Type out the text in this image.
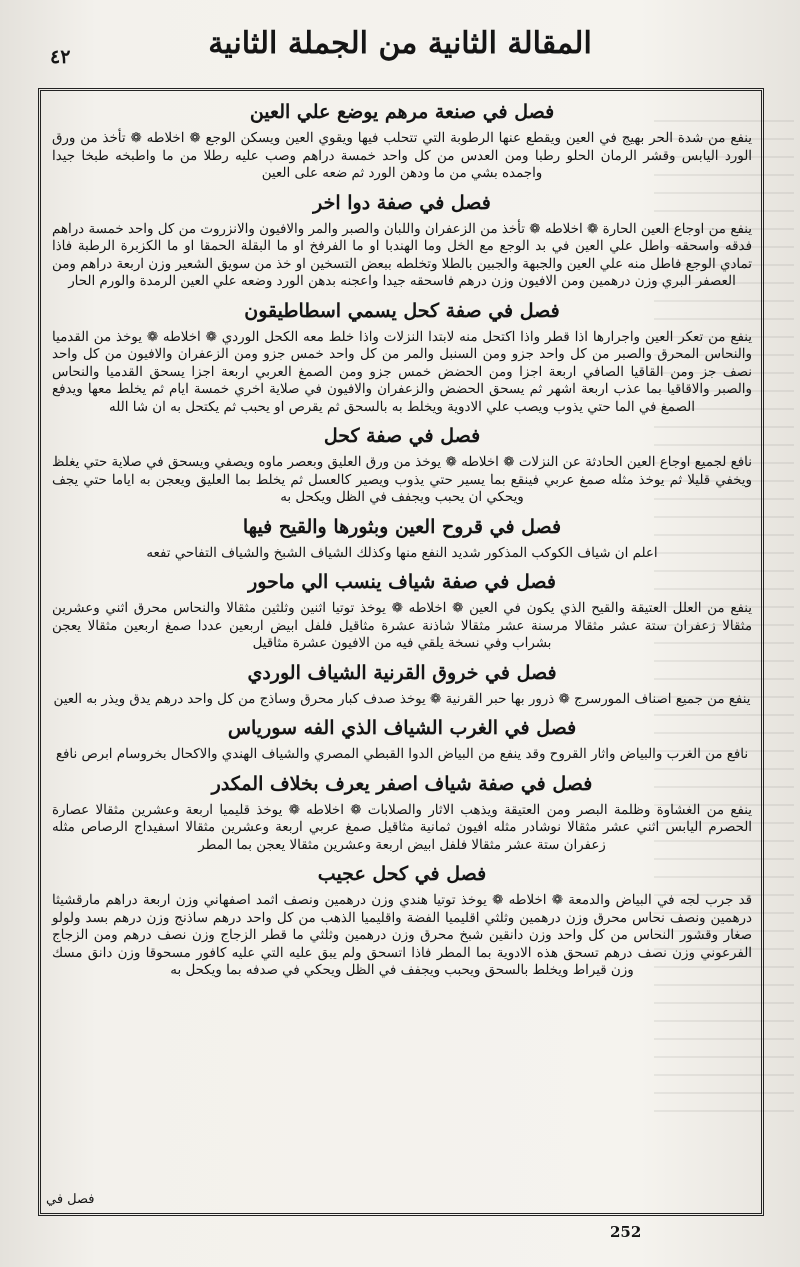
المقالة الثانية من الجملة الثانية
٤٢
فصل في صنعة مرهم يوضع علي العين

ينفع من شدة الحر بهيج في العين ويقطع عنها الرطوبة التي تتحلب فيها ويقوي العين ويسكن الوجع ❁ اخلاطه ❁ تأخذ من ورق الورد اليابس وقشر الرمان الحلو رطبا ومن العدس من كل واحد خمسة دراهم وصب عليه رطلا من ما واطبخه طبخا جيدا واجمده بشي من ما ودهن الورد ثم ضعه على العين

فصل في صفة دوا اخر

ينفع من اوجاع العين الحارة ❁ اخلاطه ❁ تأخذ من الزعفران واللبان والصبر والمر والافيون والانزروت من كل واحد خمسة دراهم فدقه واسحقه واطل علي العين في بد الوجع مع الخل وما الهندبا او ما الفرفخ او ما البقلة الحمقا او ما الكزبرة الرطبة فاذا تمادي الوجع فاطل منه علي العين والجبهة والجبين بالطلا وتخلطه ببعض التسخين او خذ من سويق الشعير وزن اربعة دراهم ومن العصفر البري وزن درهمين ومن الافيون وزن درهم فاسحقه جيدا واعجنه بدهن الورد وضعه علي العين الرمدة والورم الحار

فصل في صفة كحل يسمي اسطاطيقون

ينفع من تعكر العين واجرارها اذا قطر واذا اكتحل منه لابتدا النزلات واذا خلط معه الكحل الوردي ❁ اخلاطه ❁ يوخذ من القدميا والنحاس المحرق والصبر من كل واحد جزو ومن السنبل والمر من كل واحد خمس جزو ومن الزعفران والافيون من كل واحد نصف جز ومن القاقيا الصافي اربعة اجزا ومن الحضض خمس جزو ومن الصمغ العربي اربعة اجزا يسحق القدميا والنحاس والصبر والاقاقيا بما عذب اربعة اشهر ثم يسحق الحضض والزعفران والافيون في صلاية اخري خمسة ايام ثم يخلط معها ويدفع الصمغ في الما حتي يذوب ويصب علي الادوية ويخلط به بالسحق ثم يقرص او يحبب ثم يكتحل به ان شا الله

فصل في صفة كحل

نافع لجميع اوجاع العين الحادثة عن النزلات ❁ اخلاطه ❁ يوخذ من ورق العليق وبعصر ماوه ويصفي ويسحق في صلاية حتي يغلظ ويخفي قليلا ثم يوخذ مثله صمغ عربي فينقع بما يسير حتي يذوب ويصير كالعسل ثم يخلط بما العليق ويعجن به اياما حتي يجف ويحكي ان يحبب ويجفف في الظل ويكحل به

فصل في قروح العين وبثورها والقيح فيها

اعلم ان شياف الكوكب المذكور شديد النفع منها وكذلك الشياف الشبخ والشياف التفاحي تفعه

فصل في صفة شياف ينسب الي ماحور

ينفع من العلل العتيقة والقيح الذي يكون في العين ❁ اخلاطه ❁ يوخذ توتيا اثنين وثلثين مثقالا والنحاس محرق اثني وعشرين مثقالا زعفران ستة عشر مثقالا مرسنة عشر مثقالا شاذنة عشرة مثاقيل فلفل ابيض اربعين عددا صمغ اربعين مثقالا يعجن بشراب وفي نسخة يلقي فيه من الافيون عشرة مثاقيل

فصل في خروق القرنية الشياف الوردي

ينفع من جميع اصناف المورسرج ❁ ذرور بها حبر القرنية ❁ يوخذ صدف كبار محرق وساذج من كل واحد درهم يدق ويذر به العين

فصل في الغرب الشياف الذي الفه سورياس

نافع من الغرب والبياض واثار القروح وقد ينفع من البياض الدوا القبطي المصري والشياف الهندي والاكحال بخروسام ابرص نافع

فصل في صفة شياف اصفر يعرف بخلاف المكدر

ينفع من الغشاوة وظلمة البصر ومن العتيقة ويذهب الاثار والصلابات ❁ اخلاطه ❁ يوخذ قليميا اربعة وعشرين مثقالا عصارة الحصرم اليابس اثني عشر مثقالا نوشادر مثله افيون ثمانية مثاقيل صمغ عربي اربعة وعشرين مثقالا اسفيداج الرصاص مثله زعفران ستة عشر مثقالا فلفل ابيض اربعة وعشرين مثقالا يعجن بما المطر

فصل في كحل عجيب

قد جرب لجه في البياض والدمعة ❁ اخلاطه ❁ يوخذ توتيا هندي وزن درهمين ونصف اثمد اصفهاني وزن اربعة دراهم مارقشيثا درهمين ونصف نحاس محرق وزن درهمين وثلثي اقليميا الفضة واقليميا الذهب من كل واحد درهم ساذنج وزن درهم بسد ولولو صغار وقشور النحاس من كل واحد وزن دانقين شبخ محرق وزن درهمين وثلثي ما قطر الزجاج وزن نصف درهم ومن الزجاج الفرعوني وزن نصف درهم تسحق هذه الادوية بما المطر فاذا اتسحق ولم يبق عليه التي عليه كافور مسحوقا وزن دانق مسك وزن قيراط ويخلط بالسحق ويحبب ويجفف في الظل ويحكي في صدفه بما ويكحل به

فصل في
252
